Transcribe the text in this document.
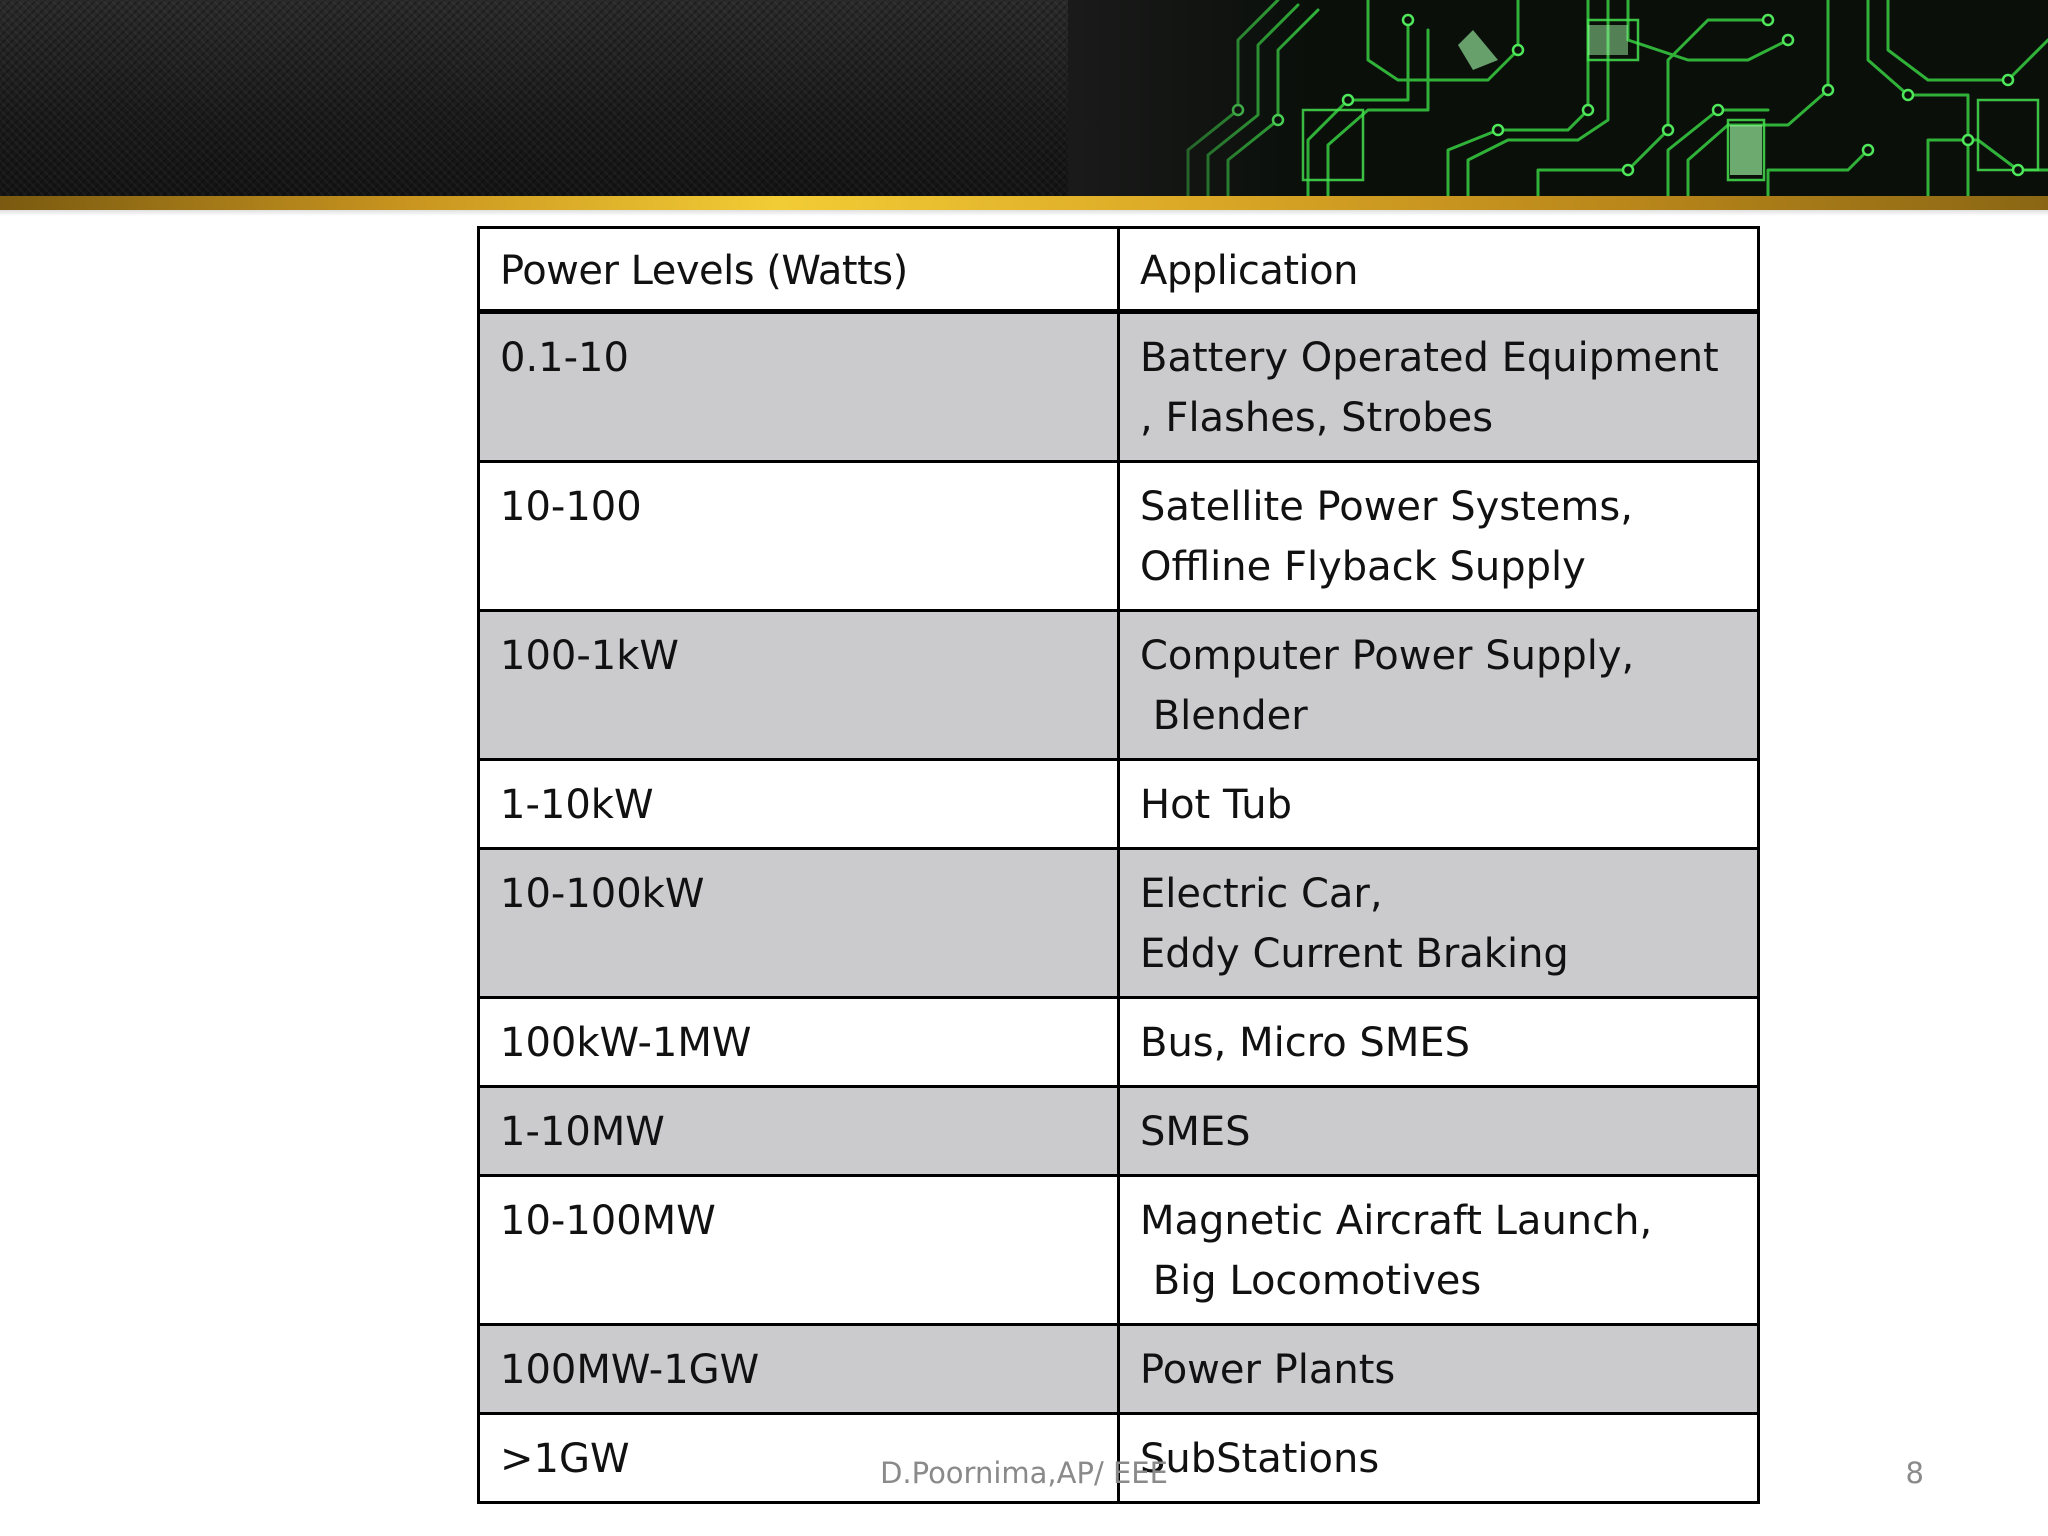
Power Levels (Watts)	Application
0.1-10	Battery Operated Equipment
, Flashes, Strobes

10-100	Satellite Power Systems,
Offline Flyback Supply

100-1kW	Computer Power Supply,
Blender

1-10kW	Hot Tub

10-100kW	Electric Car,
Eddy Current Braking

100kW-1MW	Bus, Micro SMES

1-10MW	SMES

10-100MW	Magnetic Aircraft Launch,
Big Locomotives

100MW-1GW	Power Plants

>1GW	SubStations
D.Poornima,AP/ EEE	8
